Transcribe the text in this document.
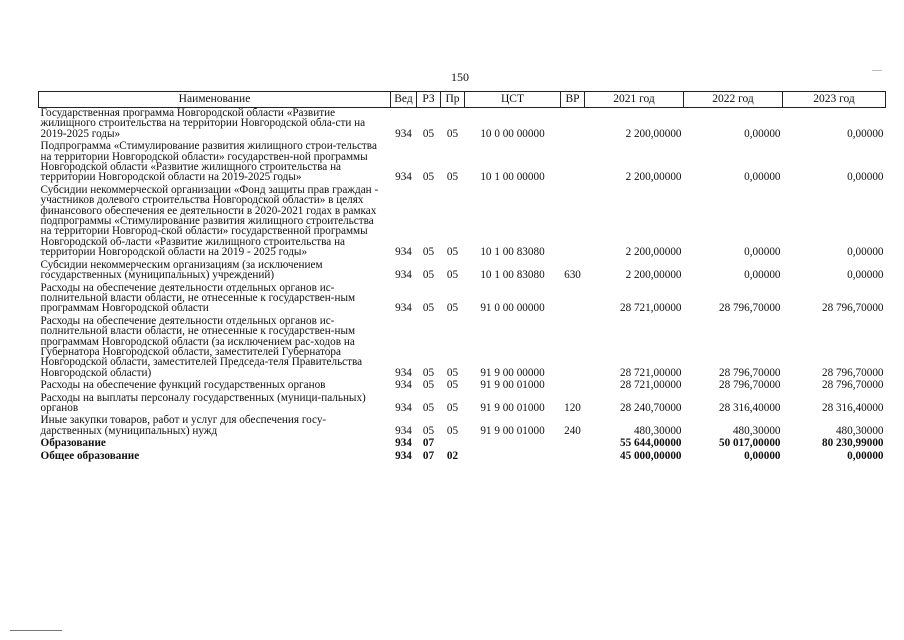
150
Наименование	Вед	РЗ	Пр	ЦСТ	ВР	2021 год	2022 год	2023 год
Государственная программа Новгородской области «Развитие жилищного строительства на территории Новгородской обла-сти на 2019-2025 годы»	934	05	05	10 0 00 00000		2 200,00000	0,00000	0,00000
Подпрограмма «Стимулирование развития жилищного строи-тельства на территории Новгородской области» государствен-ной программы Новгородской области «Развитие жилищного строительства на территории Новгородской области на 2019-2025 годы»	934	05	05	10 1 00 00000		2 200,00000	0,00000	0,00000
Субсидии некоммерческой организации «Фонд защиты прав граждан - участников долевого строительства Новгородской области» в целях финансового обеспечения ее деятельности в 2020-2021 годах в рамках подпрограммы «Стимулирование развития жилищного строительства на территории Новгород-ской области» государственной программы Новгородской об-ласти «Развитие жилищного строительства на территории Новгородской области на 2019 - 2025 годы»	934	05	05	10 1 00 83080		2 200,00000	0,00000	0,00000
Субсидии некоммерческим организациям (за исключением государственных (муниципальных) учреждений)	934	05	05	10 1 00 83080	630	2 200,00000	0,00000	0,00000
Расходы на обеспечение деятельности отдельных органов ис-полнительной власти области, не отнесенные к государствен-ным программам Новгородской области	934	05	05	91 0 00 00000		28 721,00000	28 796,70000	28 796,70000
Расходы на обеспечение деятельности отдельных органов ис-полнительной власти области, не отнесенные к государствен-ным программам Новгородской области (за исключением рас-ходов на Губернатора Новгородской области, заместителей Губернатора Новгородской области, заместителей Председа-теля Правительства Новгородской области)	934	05	05	91 9 00 00000		28 721,00000	28 796,70000	28 796,70000
Расходы на обеспечение функций государственных органов	934	05	05	91 9 00 01000		28 721,00000	28 796,70000	28 796,70000
Расходы на выплаты персоналу государственных (муници-пальных) органов	934	05	05	91 9 00 01000	120	28 240,70000	28 316,40000	28 316,40000
Иные закупки товаров, работ и услуг для обеспечения госу-дарственных (муниципальных) нужд	934	05	05	91 9 00 01000	240	480,30000	480,30000	480,30000
Образование	934	07				55 644,00000	50 017,00000	80 230,99000
Общее образование	934	07	02			45 000,00000	0,00000	0,00000
